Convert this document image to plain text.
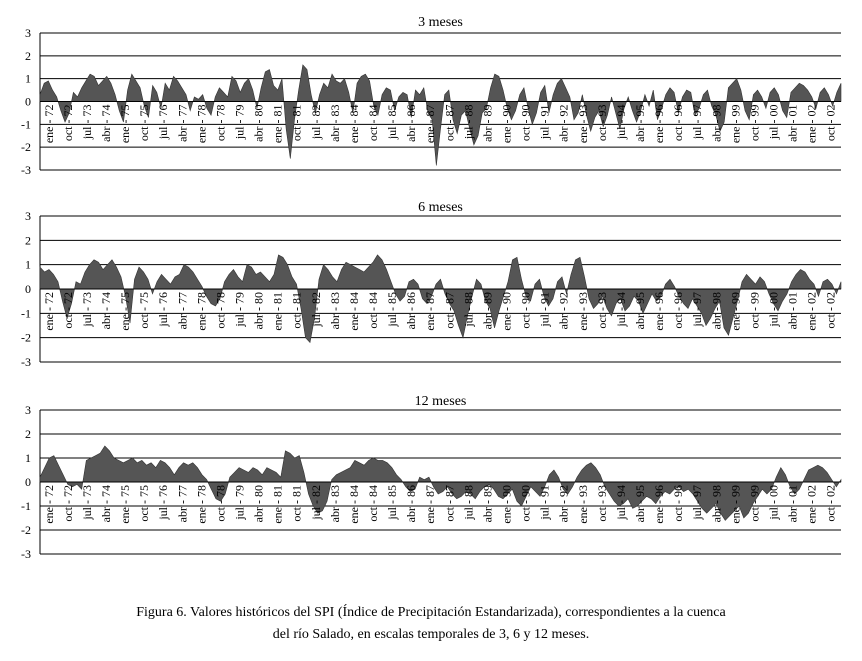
3 meses
3
2
1
0
-1
-2
-3
ene - 72 oct - 72 jul - 73 abr - 74 ene - 75 oct - 75 jul - 76 abr - 77 ene - 78 oct - 78 jul - 79 abr - 80 ene - 81 oct - 81 jul - 82 abr - 83 ene - 84 oct - 84 jul - 85 abr - 86 ene - 87 oct - 87 jul - 88 abr - 89 ene - 90 oct - 90 jul - 91 abr - 92 ene - 93 oct - 93 jul - 94 abr - 95 ene - 96 oct - 96 jul - 97 abr - 98 ene - 99 oct - 99 jul - 00 abr - 01 ene - 02 oct - 02
6 meses
3
2
1
0
-1
-2
-3
ene - 72 oct - 72 jul - 73 abr - 74 ene - 75 oct - 75 jul - 76 abr - 77 ene - 78 oct - 78 jul - 79 abr - 80 ene - 81 oct - 81 jul - 82 abr - 83 ene - 84 oct - 84 jul - 85 abr - 86 ene - 87 oct - 87 jul - 88 abr - 89 ene - 90 oct - 90 jul - 91 abr - 92 ene - 93 oct - 93 jul - 94 abr - 95 ene - 96 oct - 96 jul - 97 abr - 98 ene - 99 oct - 99 jul - 00 abr - 01 ene - 02 oct - 02
12 meses
3
2
1
0
-1
-2
-3
ene - 72 oct - 72 jul - 73 abr - 74 ene - 75 oct - 75 jul - 76 abr - 77 ene - 78 oct - 78 jul - 79 abr - 80 ene - 81 oct - 81 jul - 82 abr - 83 ene - 84 oct - 84 jul - 85 abr - 86 ene - 87 oct - 87 jul - 88 abr - 89 ene - 90 oct - 90 jul - 91 abr - 92 ene - 93 oct - 93 jul - 94 abr - 95 ene - 96 oct - 96 jul - 97 abr - 98 ene - 99 oct - 99 jul - 00 abr - 01 ene - 02 oct - 02
Figura 6. Valores históricos del SPI (Índice de Precipitación Estandarizada), correspondientes a la cuenca
del río Salado, en escalas temporales de 3, 6 y 12 meses.
